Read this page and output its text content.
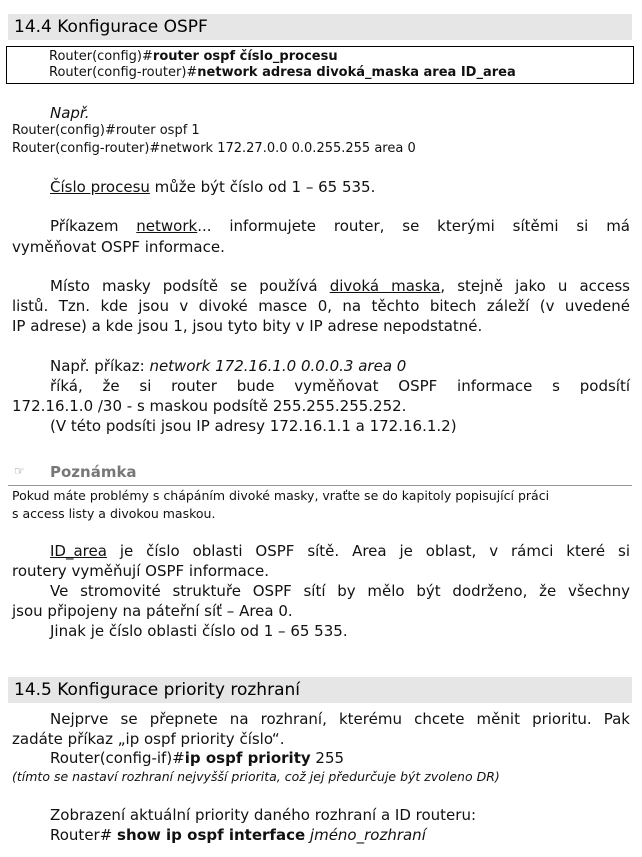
14.4 Konfigurace OSPF
Router(config)#router ospf číslo_procesu
Router(config-router)#network adresa divoká_maska area ID_area
Např.
Router(config)#router ospf 1
Router(config-router)#network 172.27.0.0 0.0.255.255 area 0
Číslo procesu může být číslo od 1 – 65 535.
Příkazem network... informujete router, se kterými sítěmi si má
vyměňovat OSPF informace.
Místo masky podsítě se používá divoká maska, stejně jako u access
listů. Tzn. kde jsou v divoké masce 0, na těchto bitech záleží (v uvedené
IP adrese) a kde jsou 1, jsou tyto bity v IP adrese nepodstatné.
Např. příkaz: network 172.16.1.0 0.0.0.3 area 0
říká, že si router bude vyměňovat OSPF informace s podsítí
172.16.1.0 /30 - s maskou podsítě 255.255.255.252.
(V této podsíti jsou IP adresy 172.16.1.1 a 172.16.1.2)
☞ Poznámka
Pokud máte problémy s chápáním divoké masky, vraťte se do kapitoly popisující práci
s access listy a divokou maskou.
ID_area je číslo oblasti OSPF sítě. Area je oblast, v rámci které si
routery vyměňují OSPF informace.
Ve stromovité struktuře OSPF sítí by mělo být dodrženo, že všechny
jsou připojeny na páteřní síť – Area 0.
Jinak je číslo oblasti číslo od 1 – 65 535.
14.5 Konfigurace priority rozhraní
Nejprve se přepnete na rozhraní, kterému chcete měnit prioritu. Pak
zadáte příkaz „ip ospf priority číslo“.
Router(config-if)#ip ospf priority 255
(tímto se nastaví rozhraní nejvyšší priorita, což jej předurčuje být zvoleno DR)
Zobrazení aktuální priority daného rozhraní a ID routeru:
Router# show ip ospf interface jméno_rozhraní
